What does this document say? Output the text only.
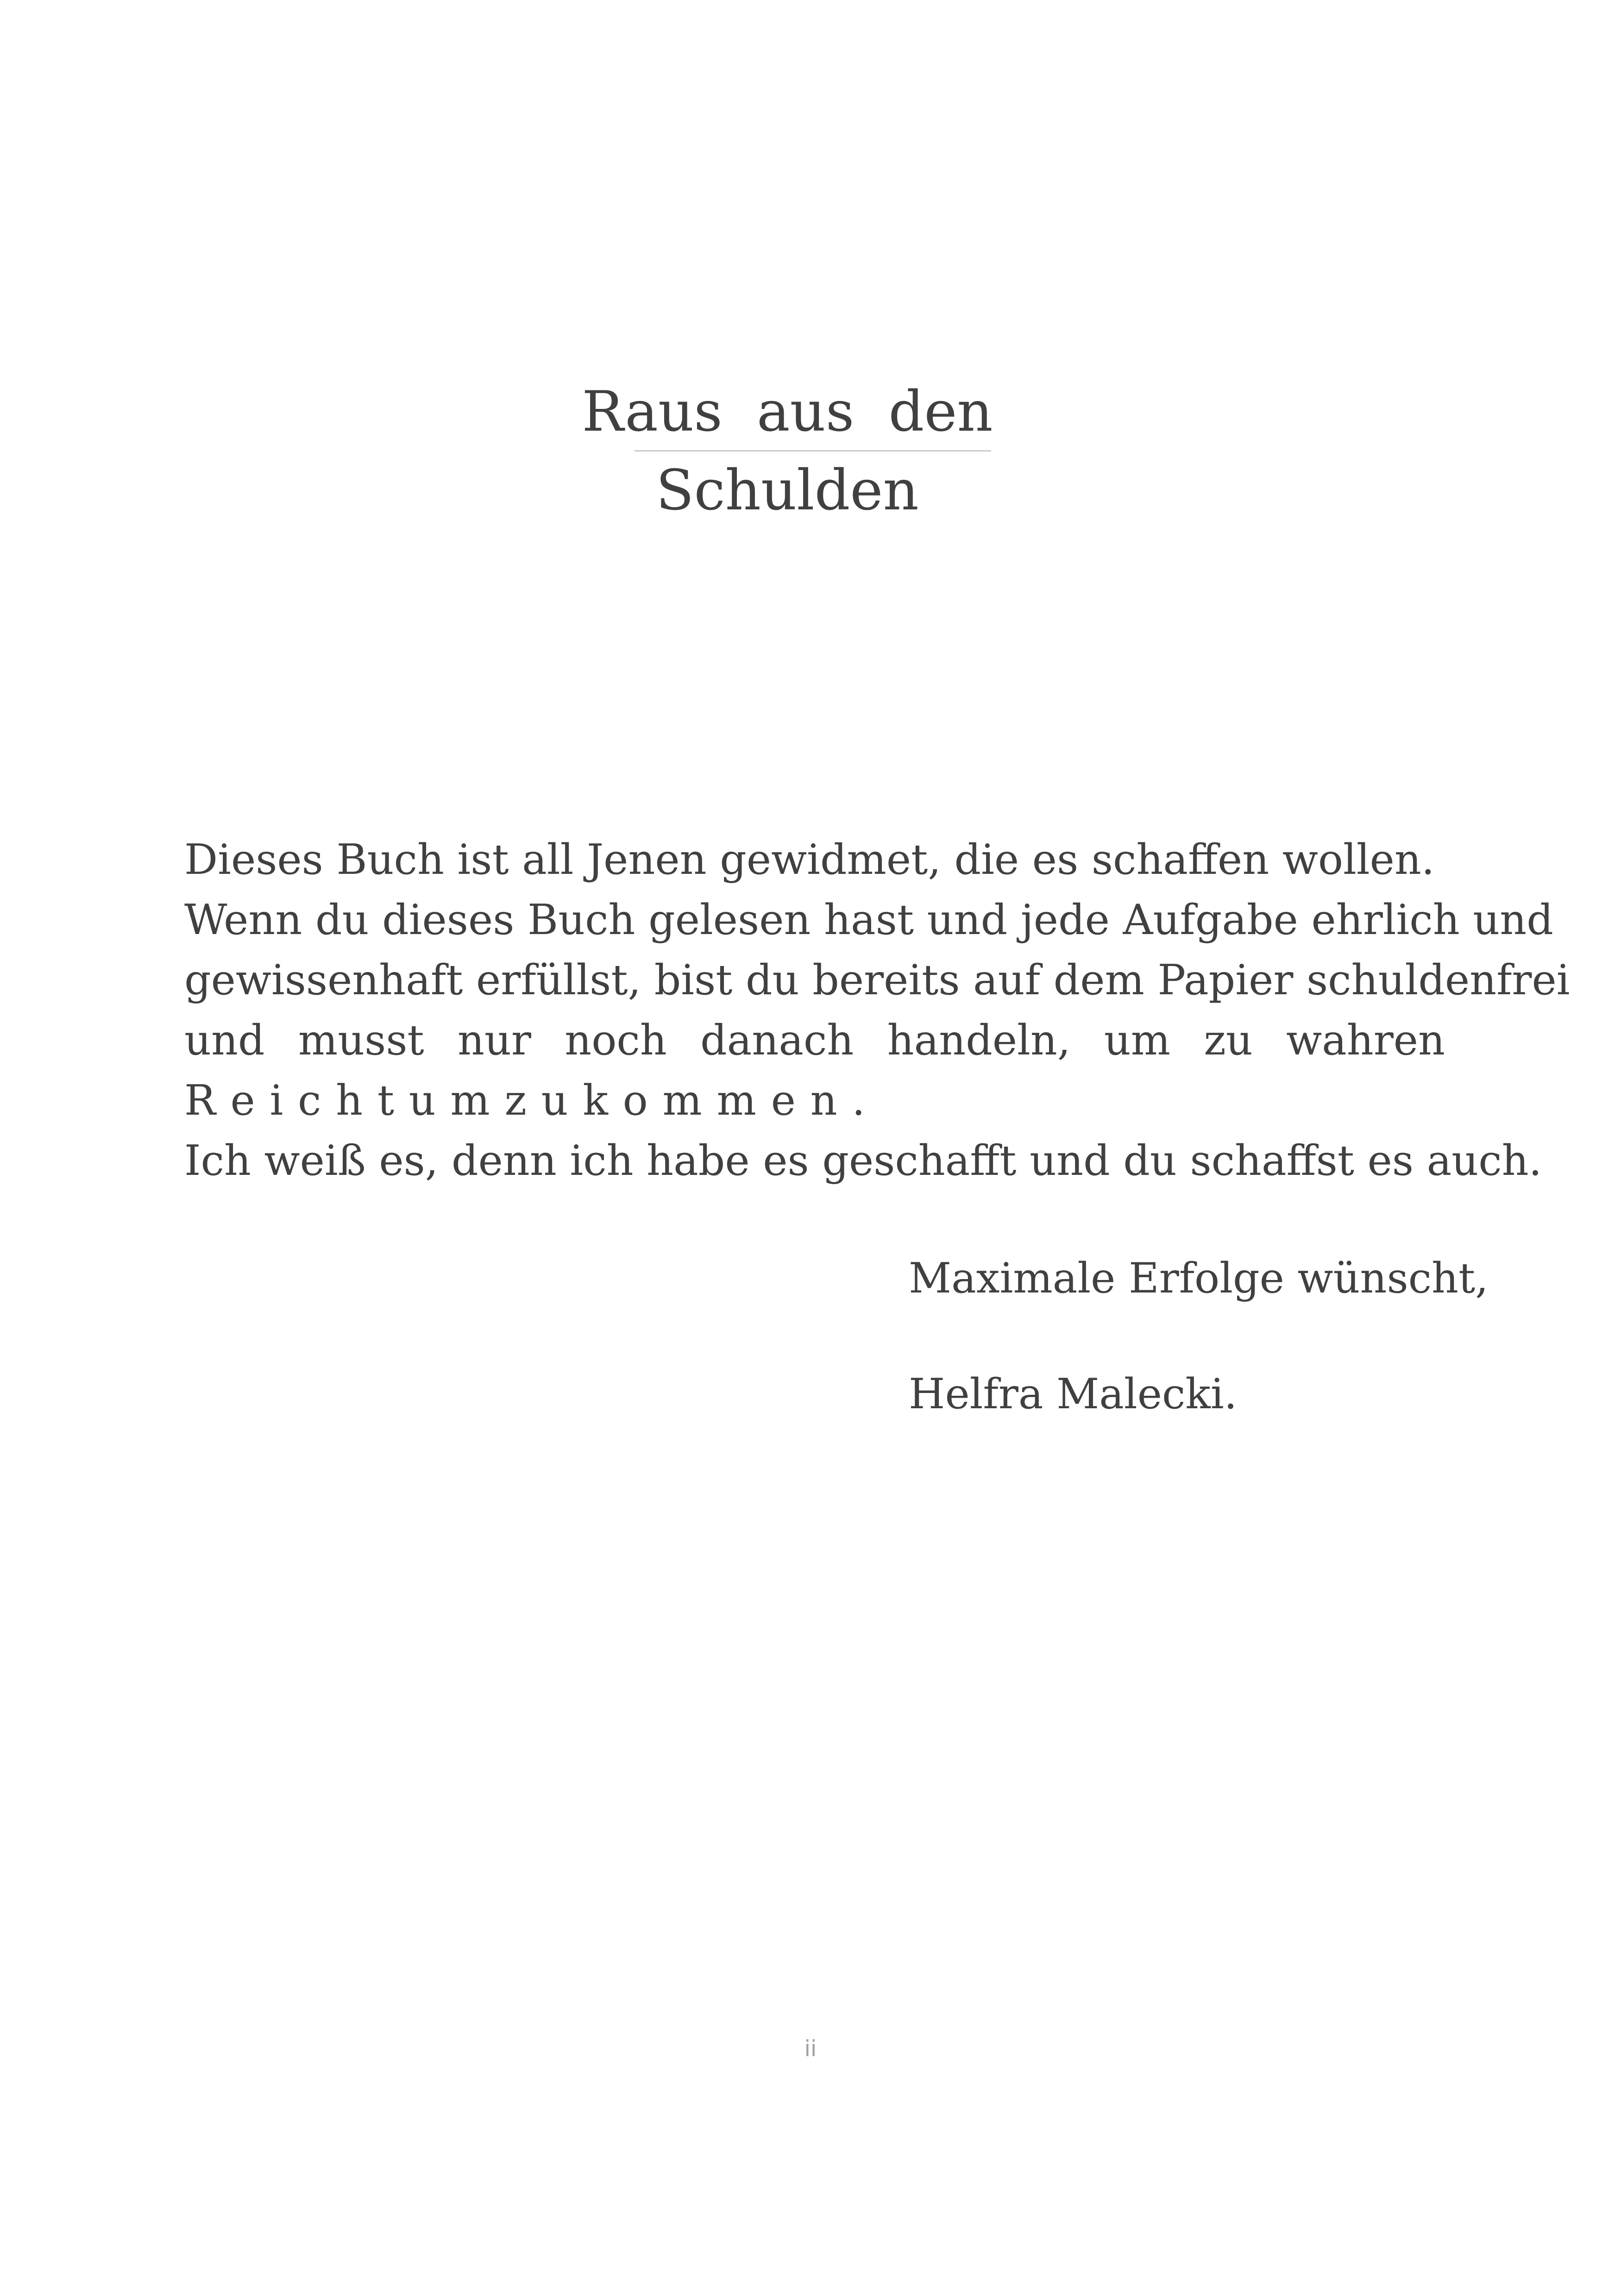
Raus aus den
Schulden

Dieses Buch ist all Jenen gewidmet, die es schaffen wollen.

Wenn du dieses Buch gelesen hast und jede Aufgabe ehrlich und

gewissenhaft erfüllst, bist du bereits auf dem Papier schuldenfrei

und musst nur noch danach handeln, um zu wahren

R e i c h t u m z u k o m m e n .

Ich weiß es, denn ich habe es geschafft und du schaffst es auch.

Maximale Erfolge wünscht,

Helfra Malecki.

ii
